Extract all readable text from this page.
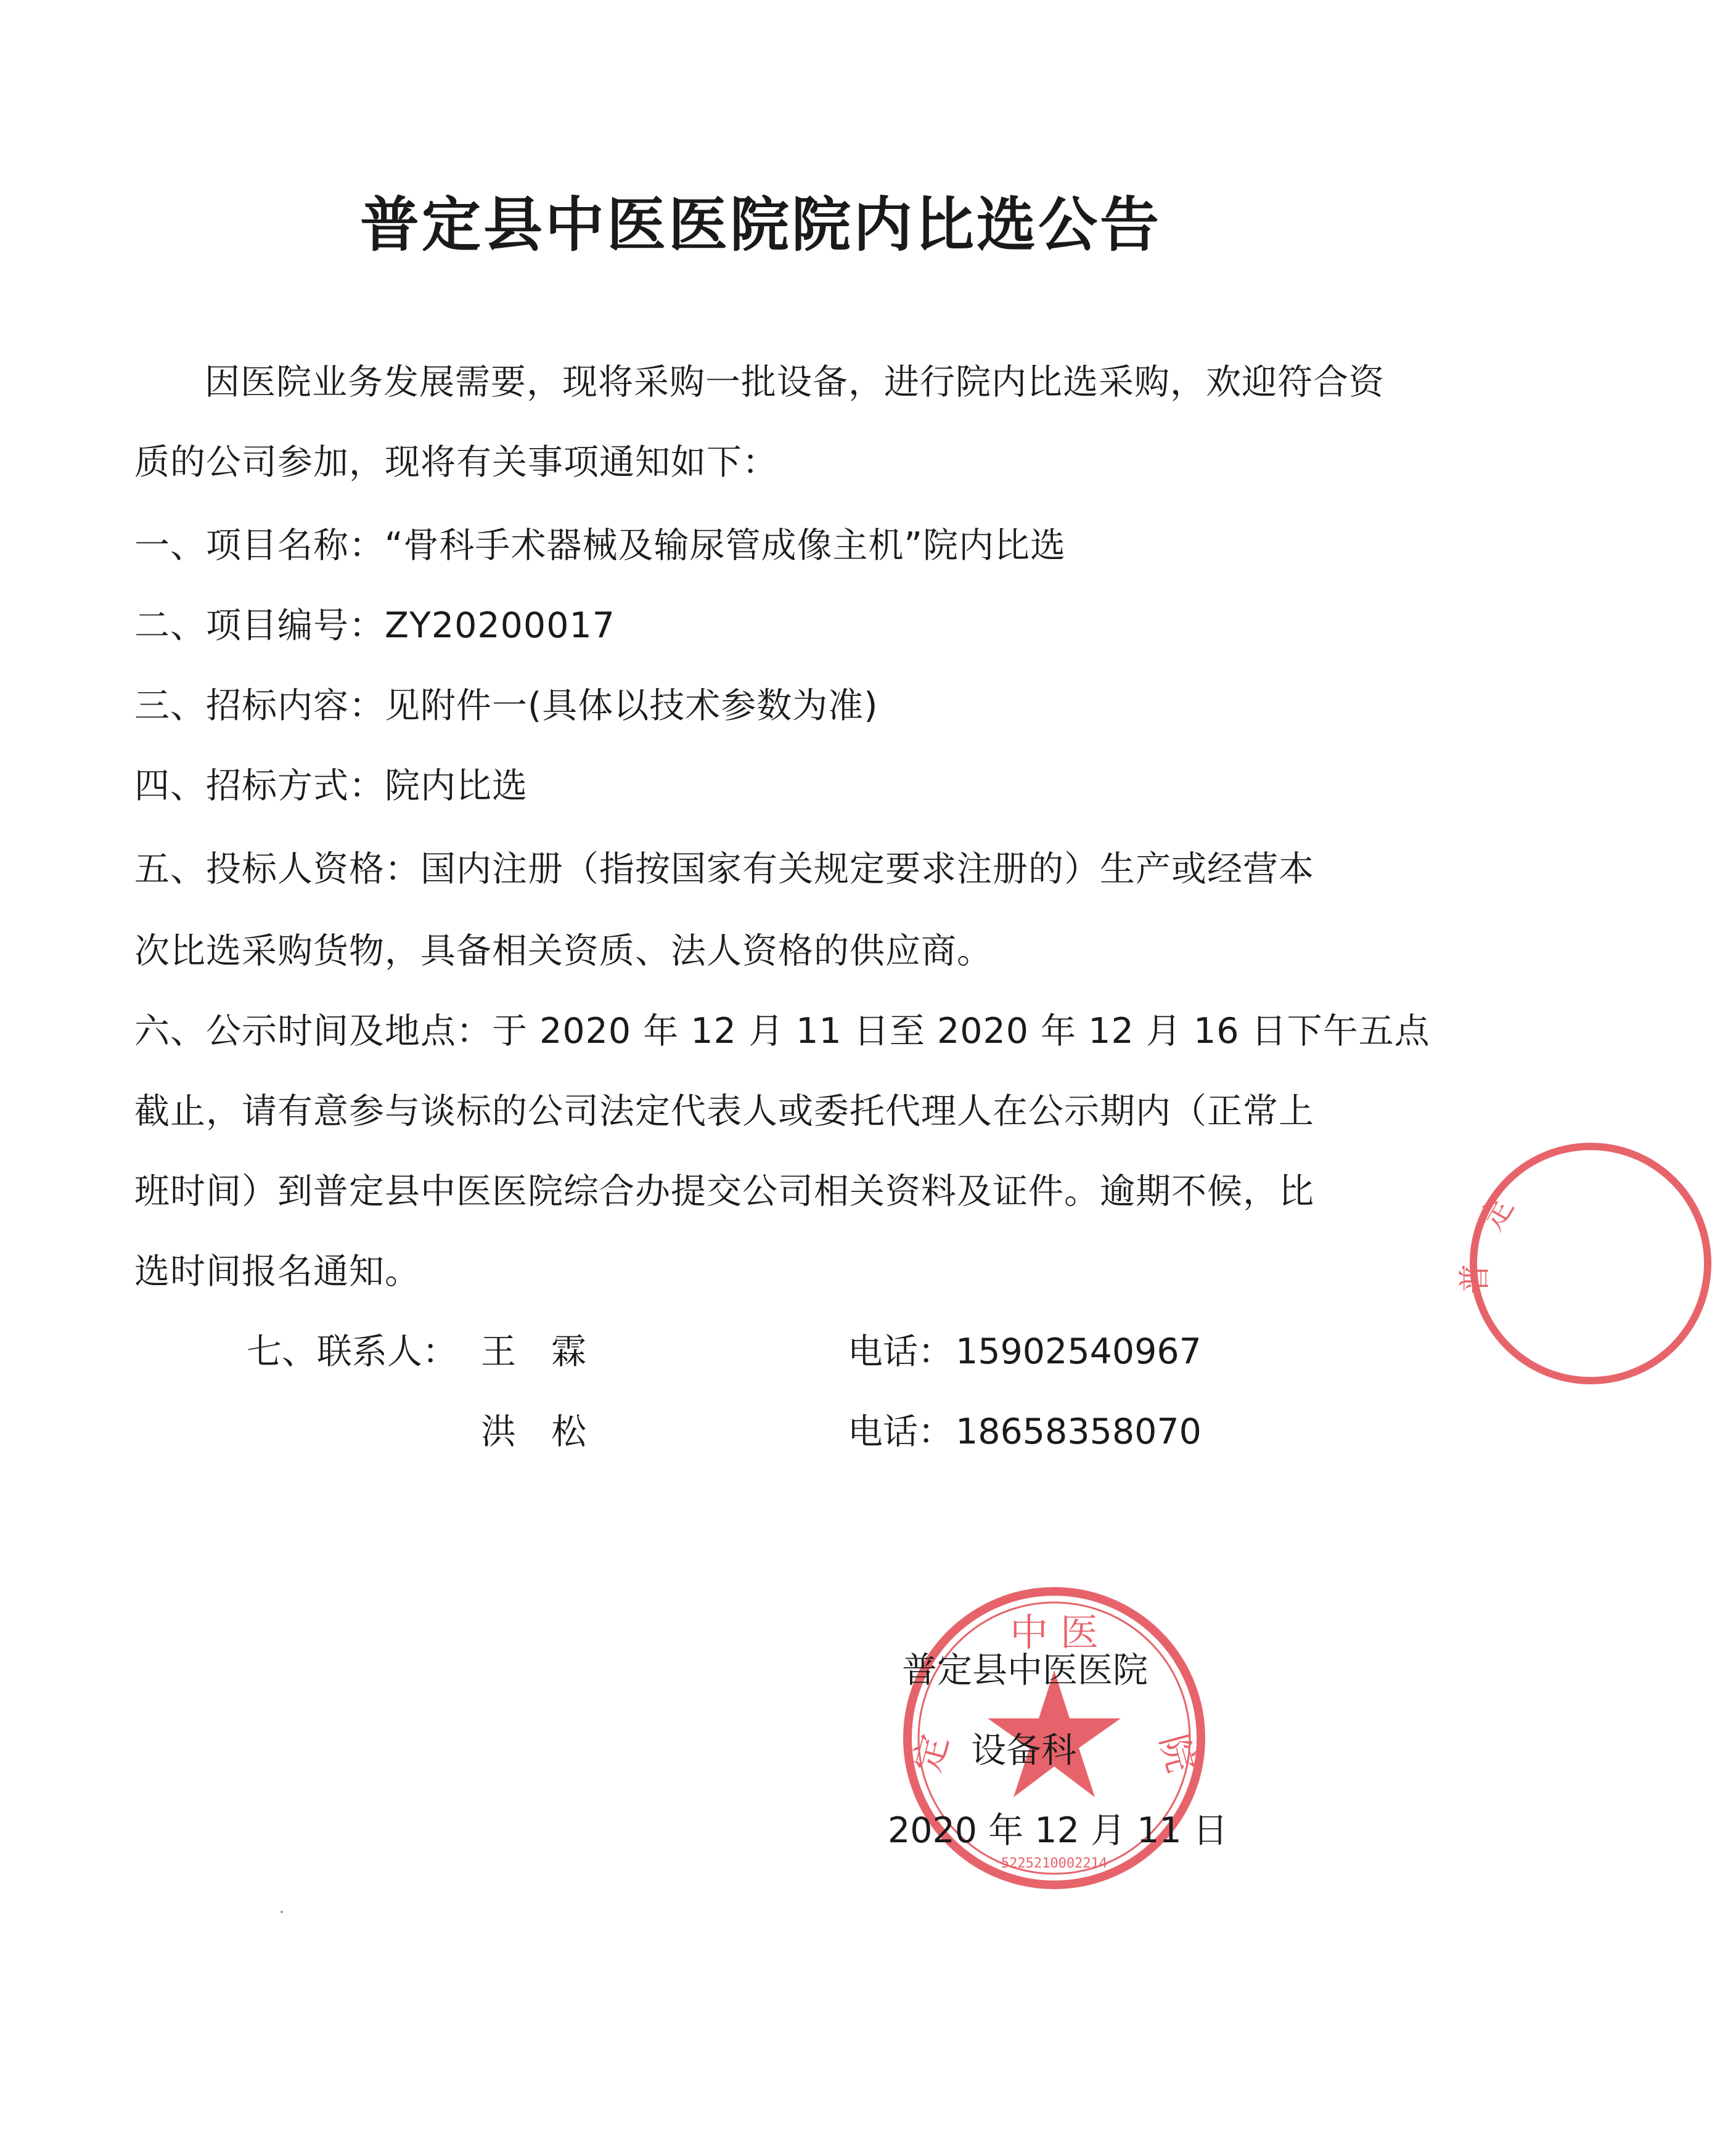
普定县中医医院院内比选公告
因医院业务发展需要，现将采购一批设备，进行院内比选采购，欢迎符合资质的公司参加，现将有关事项通知如下：
一、项目名称：“骨科手术器械及输尿管成像主机”院内比选
二、项目编号：ZY20200017
三、招标内容：见附件一(具体以技术参数为准)
四、招标方式：院内比选
五、投标人资格：国内注册（指按国家有关规定要求注册的）生产或经营本
次比选采购货物，具备相关资质、法人资格的供应商。
六、公示时间及地点：于 2020 年 12 月 11 日至 2020 年 12 月 16 日下午五点
截止，请有意参与谈标的公司法定代表人或委托代理人在公示期内（正常上
班时间）到普定县中医医院综合办提交公司相关资料及证件。逾期不候，比
选时间报名通知。
七、联系人： 王　霖	电话： 15902540967
洪　松	电话： 18658358070
中 医
定	院
5225210002214
定
普
普定县中医医院
设备科
2020 年 12 月 11 日
